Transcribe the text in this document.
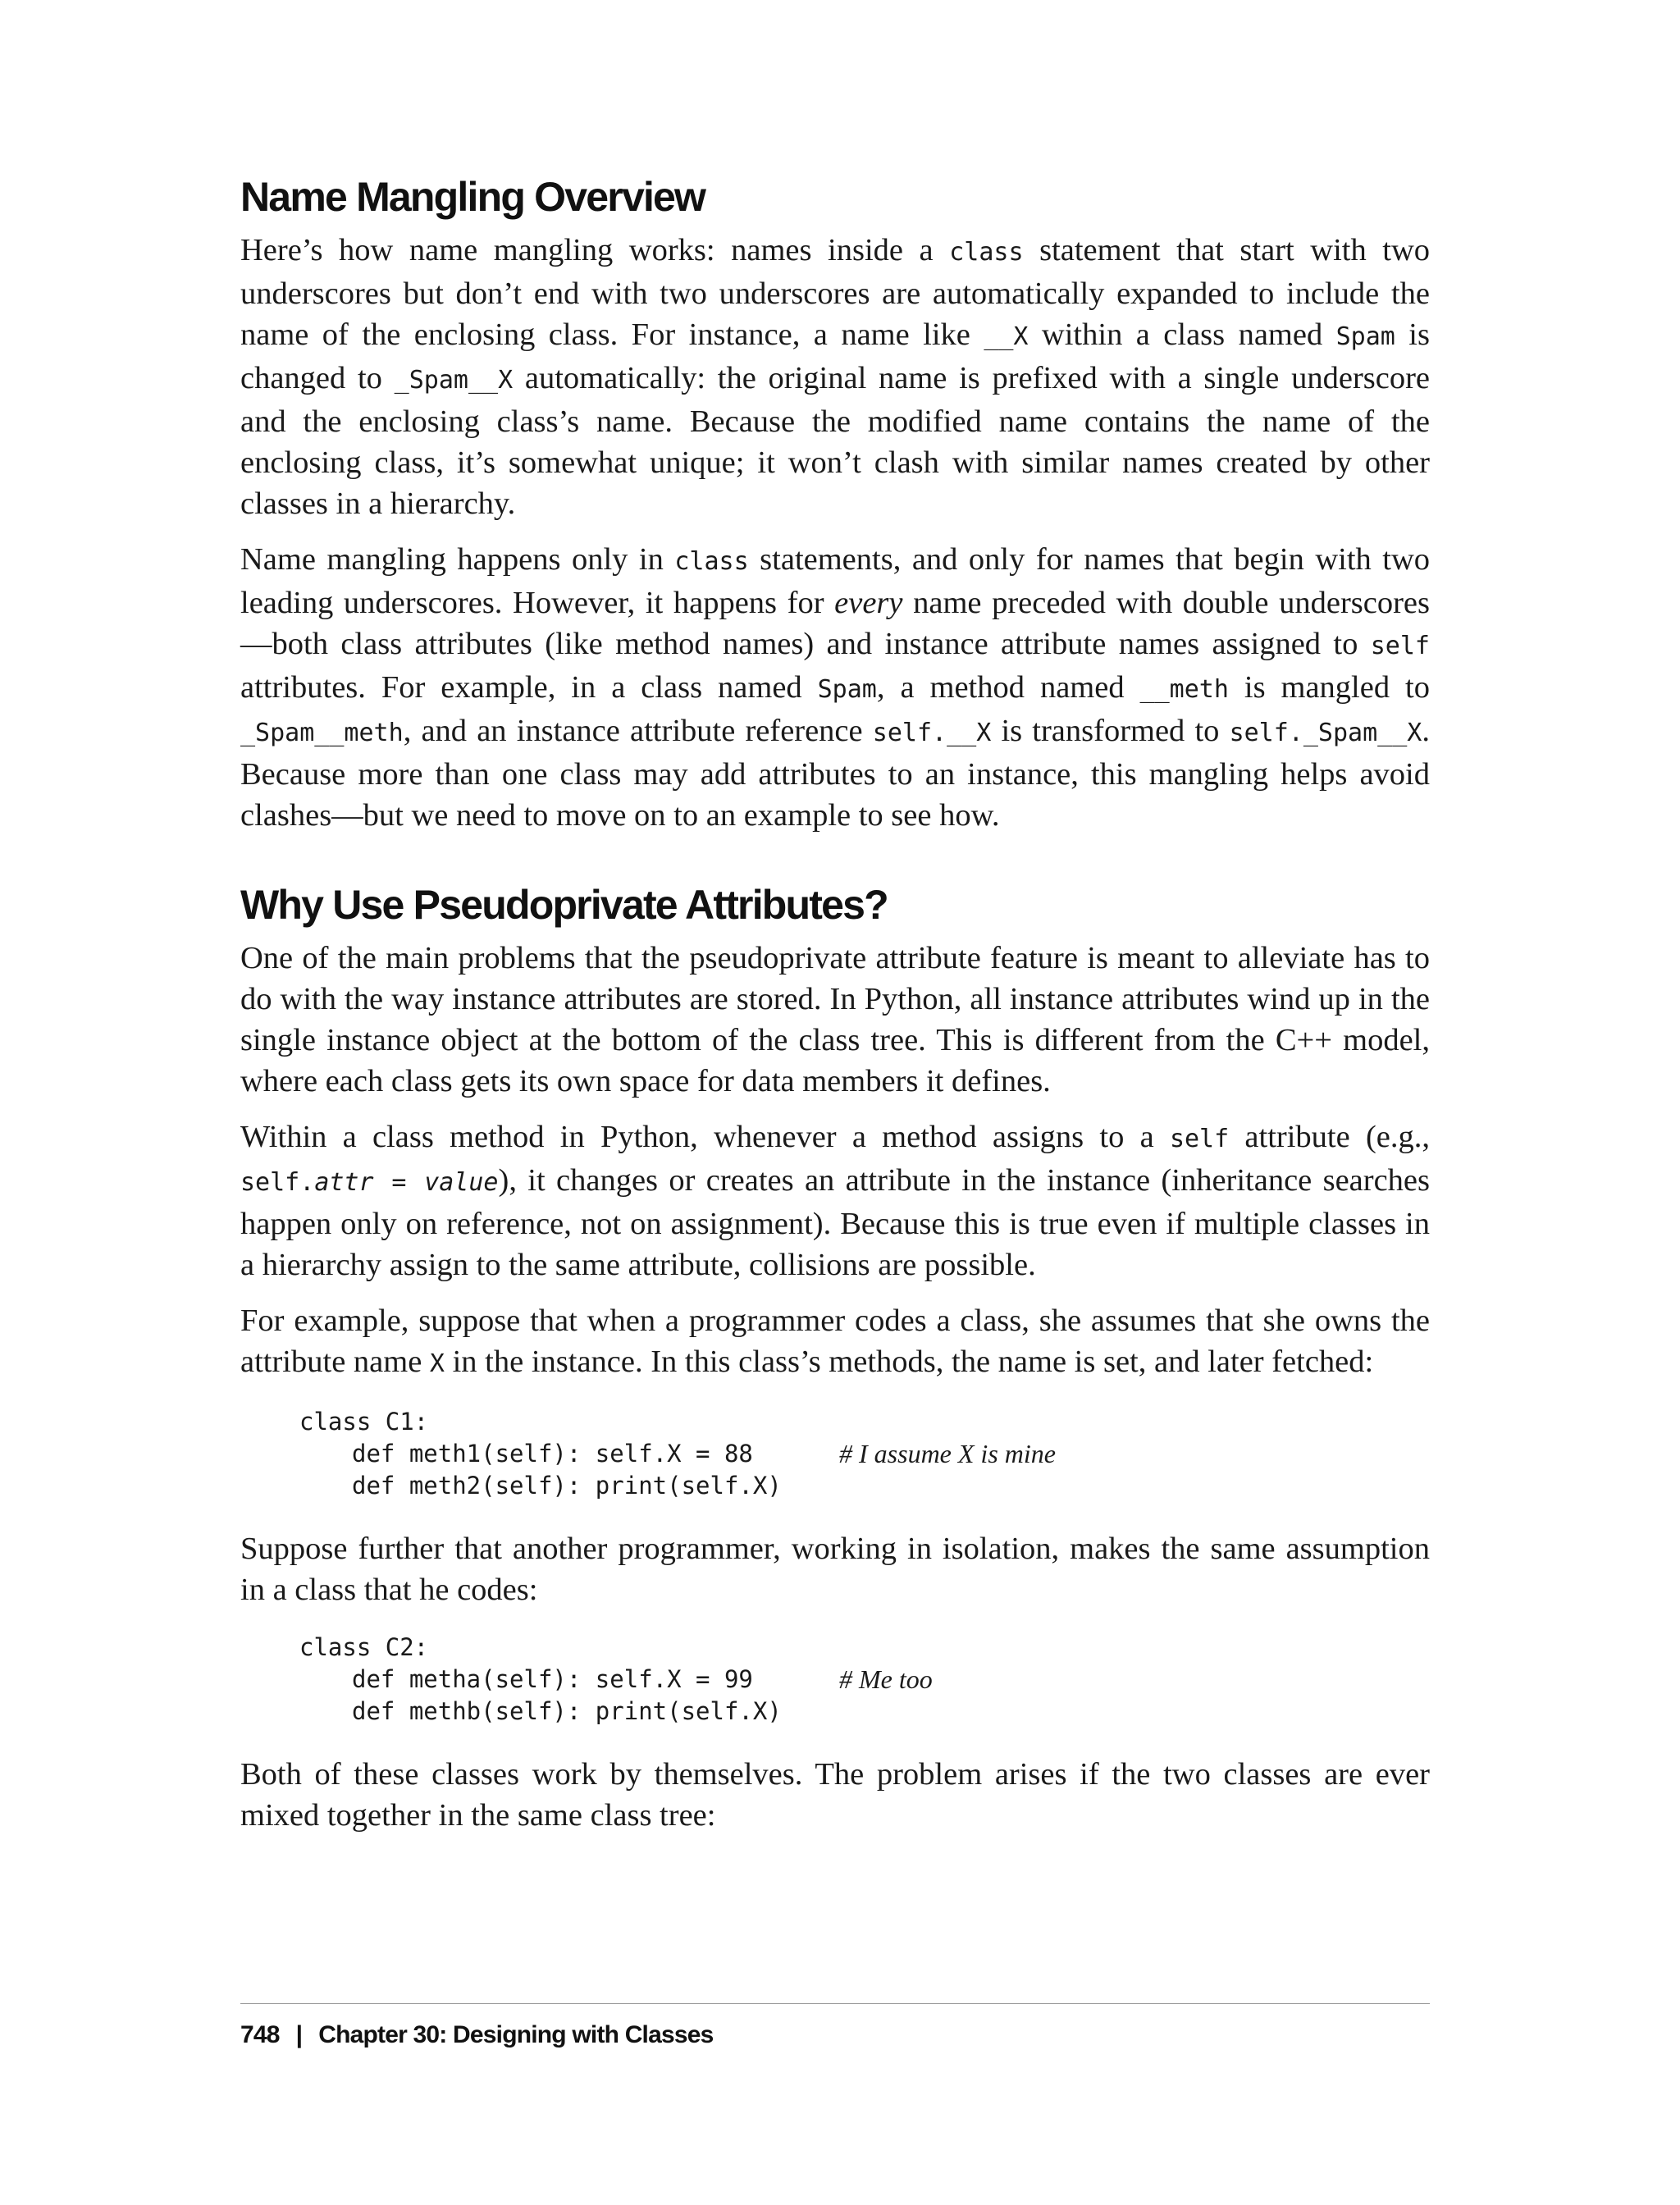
Name Mangling Overview

Here’s how name mangling works: names inside a class statement that start with two underscores but don’t end with two underscores are automatically expanded to include the name of the enclosing class. For instance, a name like __X within a class named Spam is changed to _Spam__X automatically: the original name is prefixed with a single underscore and the enclosing class’s name. Because the modified name contains the name of the enclosing class, it’s somewhat unique; it won’t clash with similar names created by other classes in a hierarchy.

Name mangling happens only in class statements, and only for names that begin with two leading underscores. However, it happens for every name preceded with double underscores—both class attributes (like method names) and instance attribute names assigned to self attributes. For example, in a class named Spam, a method named __meth is mangled to _Spam__meth, and an instance attribute reference self.__X is transformed to self._Spam__X. Because more than one class may add attributes to an instance, this mangling helps avoid clashes—but we need to move on to an example to see how.

Why Use Pseudoprivate Attributes?

One of the main problems that the pseudoprivate attribute feature is meant to alleviate has to do with the way instance attributes are stored. In Python, all instance attributes wind up in the single instance object at the bottom of the class tree. This is different from the C++ model, where each class gets its own space for data members it defines.

Within a class method in Python, whenever a method assigns to a self attribute (e.g., self.attr = value), it changes or creates an attribute in the instance (inheritance searches happen only on reference, not on assignment). Because this is true even if multiple classes in a hierarchy assign to the same attribute, collisions are possible.

For example, suppose that when a programmer codes a class, she assumes that she owns the attribute name X in the instance. In this class’s methods, the name is set, and later fetched:

class C1:
def meth1(self): self.X = 88	# I assume X is mine
def meth2(self): print(self.X)

Suppose further that another programmer, working in isolation, makes the same assumption in a class that he codes:

class C2:
def metha(self): self.X = 99	# Me too
def methb(self): print(self.X)

Both of these classes work by themselves. The problem arises if the two classes are ever mixed together in the same class tree:

748 | Chapter 30: Designing with Classes
